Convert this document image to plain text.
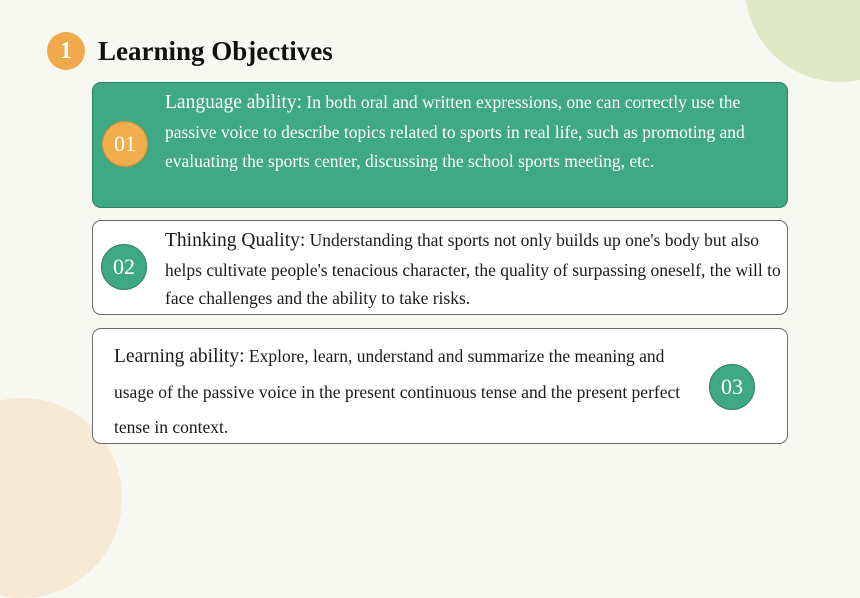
1 Learning Objectives
01

Language ability: In both oral and written expressions, one can correctly use the passive voice to describe topics related to sports in real life, such as promoting and evaluating the sports center, discussing the school sports meeting, etc.

02

Thinking Quality: Understanding that sports not only builds up one's body but also helps cultivate people's tenacious character, the quality of surpassing oneself, the will to face challenges and the ability to take risks.

Learning ability: Explore, learn, understand and summarize the meaning and usage of the passive voice in the present continuous tense and the present perfect tense in context.

03
